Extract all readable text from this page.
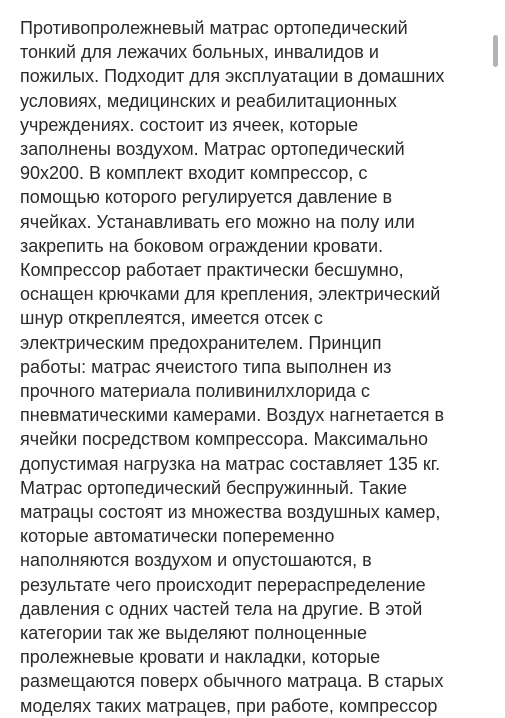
Противопролежневый матрас ортопедический
тонкий для лежачих больных, инвалидов и
пожилых. Подходит для эксплуатации в домашних
условиях, медицинских и реабилитационных
учреждениях. состоит из ячеек, которые
заполнены воздухом. Матрас ортопедический
90х200. В комплект входит компрессор, с
помощью которого регулируется давление в
ячейках. Устанавливать его можно на полу или
закрепить на боковом ограждении кровати.
Компрессор работает практически бесшумно,
оснащен крючками для крепления, электрический
шнур откреплеятся, имеется отсек с
электрическим предохранителем. Принцип
работы: матрас ячеистого типа выполнен из
прочного материала поливинилхлорида с
пневматическими камерами. Воздух нагнетается в
ячейки посредством компрессора. Максимально
допустимая нагрузка на матрас составляет 135 кг.
Матрас ортопедический беспружинный. Такие
матрацы состоят из множества воздушных камер,
которые автоматически попеременно
наполняются воздухом и опустошаются, в
результате чего происходит перераспределение
давления с одних частей тела на другие. В этой
категории так же выделяют полноценные
пролежневые кровати и накладки, которые
размещаются поверх обычного матраца. В старых
моделях таких матрацев, при работе, компрессор
